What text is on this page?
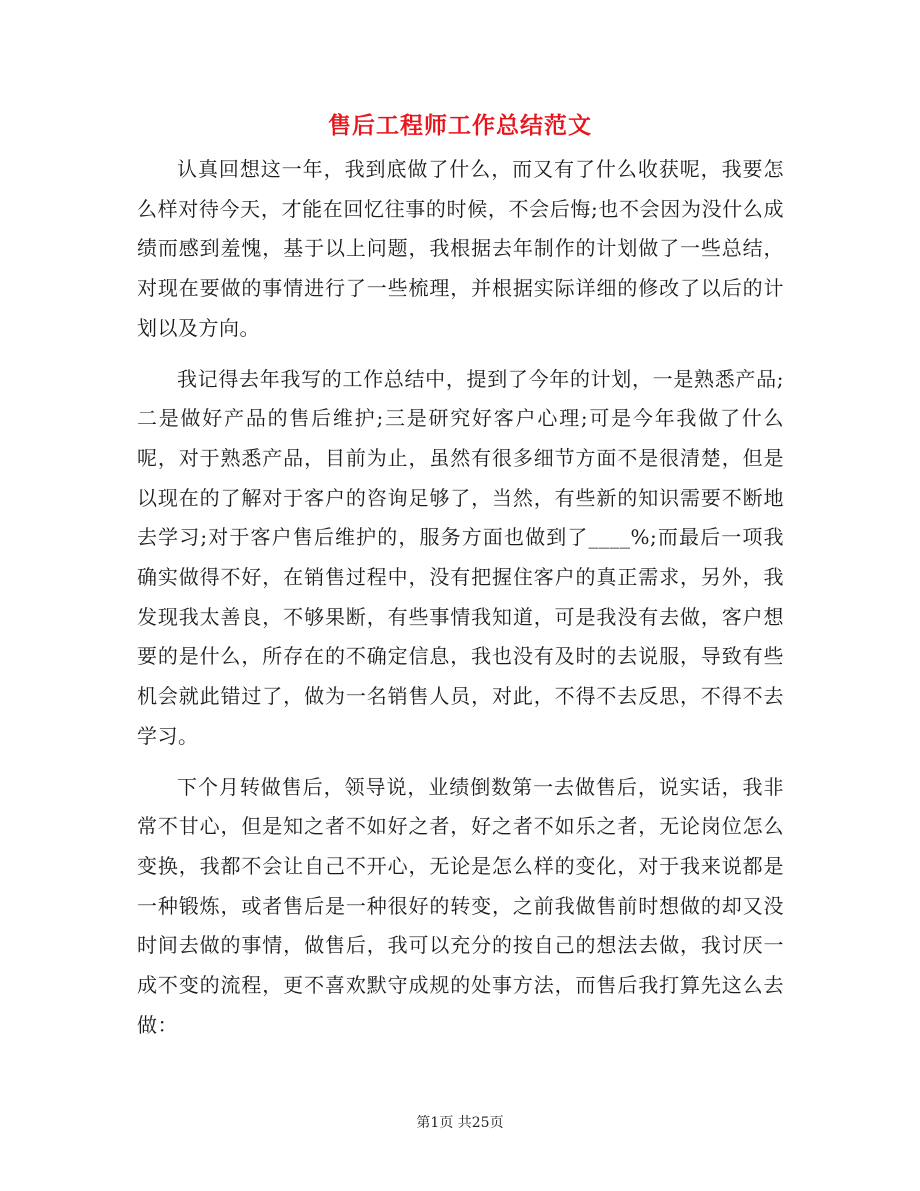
售后工程师工作总结范文

认真回想这一年，我到底做了什么，而又有了什么收获呢，我要怎么样对待今天，才能在回忆往事的时候，不会后悔;也不会因为没什么成绩而感到羞愧，基于以上问题，我根据去年制作的计划做了一些总结，对现在要做的事情进行了一些梳理，并根据实际详细的修改了以后的计划以及方向。

我记得去年我写的工作总结中，提到了今年的计划，一是熟悉产品;二是做好产品的售后维护;三是研究好客户心理;可是今年我做了什么呢，对于熟悉产品，目前为止，虽然有很多细节方面不是很清楚，但是以现在的了解对于客户的咨询足够了，当然，有些新的知识需要不断地去学习;对于客户售后维护的，服务方面也做到了____%;而最后一项我确实做得不好，在销售过程中，没有把握住客户的真正需求，另外，我发现我太善良，不够果断，有些事情我知道，可是我没有去做，客户想要的是什么，所存在的不确定信息，我也没有及时的去说服，导致有些机会就此错过了，做为一名销售人员，对此，不得不去反思，不得不去学习。

下个月转做售后，领导说，业绩倒数第一去做售后，说实话，我非常不甘心，但是知之者不如好之者，好之者不如乐之者，无论岗位怎么变换，我都不会让自己不开心，无论是怎么样的变化，对于我来说都是一种锻炼，或者售后是一种很好的转变，之前我做售前时想做的却又没时间去做的事情，做售后，我可以充分的按自己的想法去做，我讨厌一成不变的流程，更不喜欢默守成规的处事方法，而售后我打算先这么去做：

第1页 共25页
